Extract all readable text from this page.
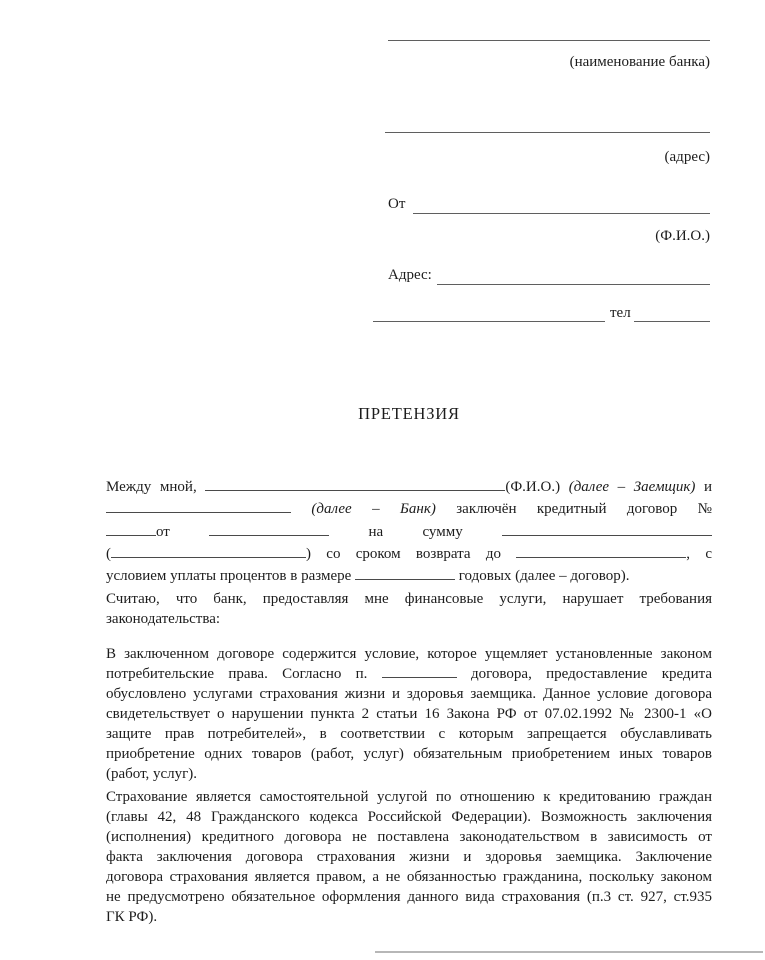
(наименование банка)
(адрес)
От
(Ф.И.О.)
Адрес:
тел
ПРЕТЕНЗИЯ
Между мной,	(Ф.И.О.) (далее – Заемщик) и
(далее – Банк) заключён кредитный договор №
от	на сумму
(	) со сроком возврата до	, с
условием уплаты процентов в размере	годовых (далее – договор).
Считаю, что банк, предоставляя мне финансовые услуги, нарушает требования
законодательства:
В заключенном договоре содержится условие, которое ущемляет установленные законом
потребительские права. Согласно п.	договора, предоставление кредита
обусловлено услугами страхования жизни и здоровья заемщика. Данное условие договора
свидетельствует о нарушении пункта 2 статьи 16 Закона РФ от 07.02.1992 № 2300-1 «О
защите прав потребителей», в соответствии с которым запрещается обуславливать
приобретение одних товаров (работ, услуг) обязательным приобретением иных товаров
(работ, услуг).
Страхование является самостоятельной услугой по отношению к кредитованию граждан
(главы 42, 48 Гражданского кодекса Российской Федерации). Возможность заключения
(исполнения) кредитного договора не поставлена законодательством в зависимость от
факта заключения договора страхования жизни и здоровья заемщика. Заключение
договора страхования является правом, а не обязанностью гражданина, поскольку законом
не предусмотрено обязательное оформления данного вида страхования (п.3 ст. 927, ст.935
ГК РФ).
